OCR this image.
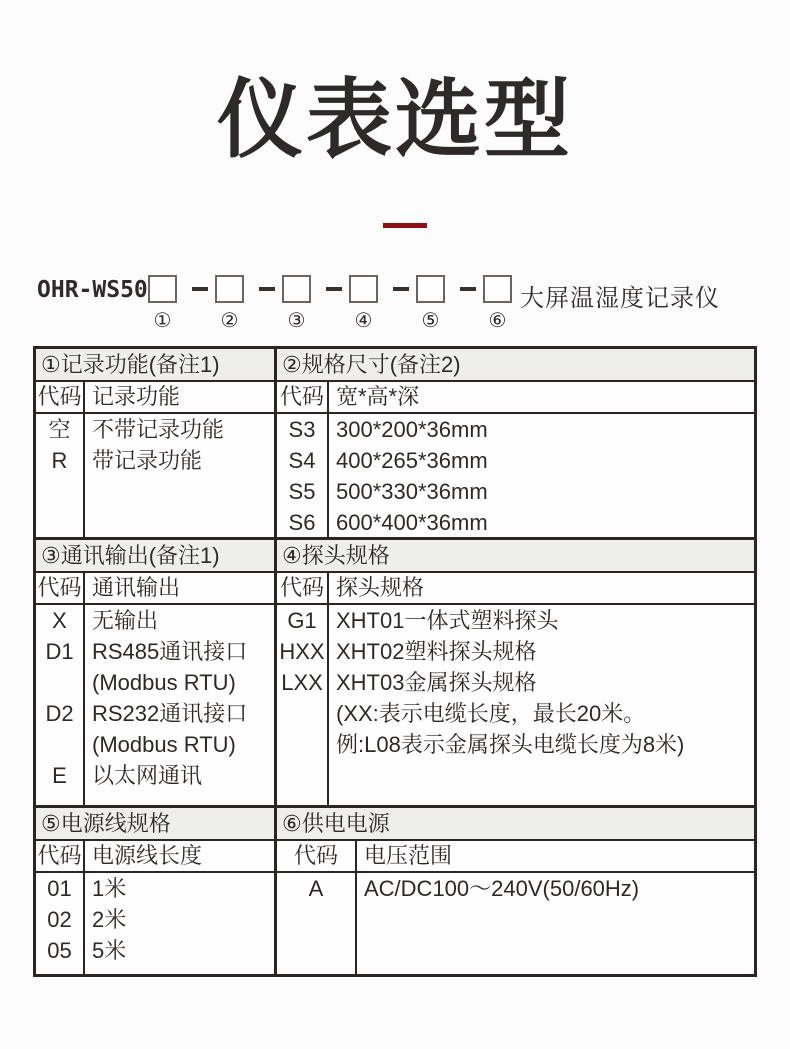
仪表选型
OHR-WS50
① ② ③ ④ ⑤ ⑥
大屏温湿度记录仪
①记录功能(备注1)
代码 记录功能
空
R
不带记录功能
带记录功能
②规格尺寸(备注2)
代码 宽*高*深
S3
S4
S5
S6
300*200*36mm
400*265*36mm
500*330*36mm
600*400*36mm
③通讯输出(备注1)
代码 通讯输出
X
D1
D2
E
无输出
RS485通讯接口
(Modbus RTU)
RS232通讯接口
(Modbus RTU)
以太网通讯
④探头规格
代码 探头规格
G1
HXX
LXX
XHT01一体式塑料探头
XHT02塑料探头规格
XHT03金属探头规格
(XX:表示电缆长度，最长20米。
例:L08表示金属探头电缆长度为8米)
⑤电源线规格
代码 电源线长度
01
02
05
1米
2米
5米
⑥供电电源
代码	电压范围
A	AC/DC100～240V(50/60Hz)
